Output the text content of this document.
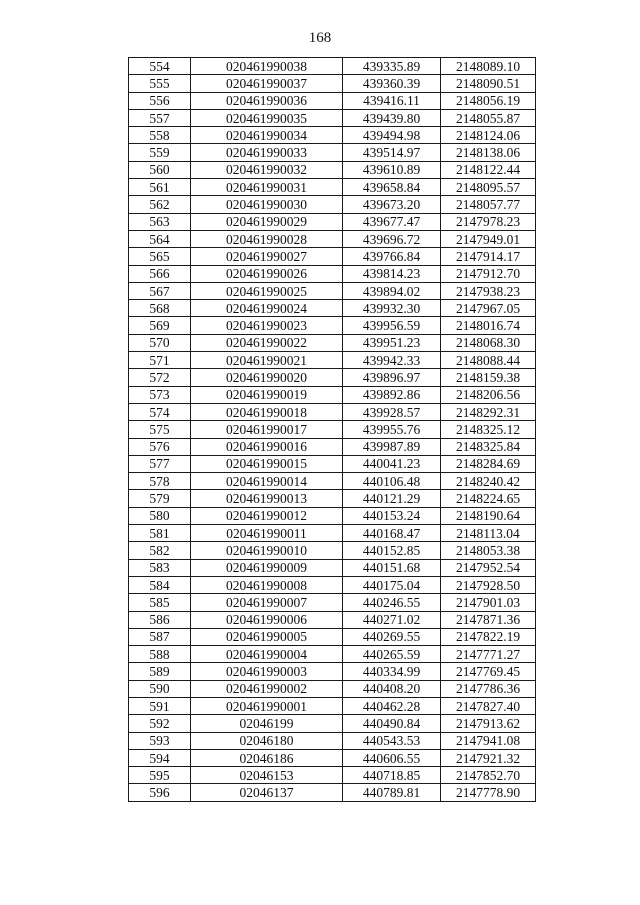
168
554	020461990038	439335.89	2148089.10
555	020461990037	439360.39	2148090.51
556	020461990036	439416.11	2148056.19
557	020461990035	439439.80	2148055.87
558	020461990034	439494.98	2148124.06
559	020461990033	439514.97	2148138.06
560	020461990032	439610.89	2148122.44
561	020461990031	439658.84	2148095.57
562	020461990030	439673.20	2148057.77
563	020461990029	439677.47	2147978.23
564	020461990028	439696.72	2147949.01
565	020461990027	439766.84	2147914.17
566	020461990026	439814.23	2147912.70
567	020461990025	439894.02	2147938.23
568	020461990024	439932.30	2147967.05
569	020461990023	439956.59	2148016.74
570	020461990022	439951.23	2148068.30
571	020461990021	439942.33	2148088.44
572	020461990020	439896.97	2148159.38
573	020461990019	439892.86	2148206.56
574	020461990018	439928.57	2148292.31
575	020461990017	439955.76	2148325.12
576	020461990016	439987.89	2148325.84
577	020461990015	440041.23	2148284.69
578	020461990014	440106.48	2148240.42
579	020461990013	440121.29	2148224.65
580	020461990012	440153.24	2148190.64
581	020461990011	440168.47	2148113.04
582	020461990010	440152.85	2148053.38
583	020461990009	440151.68	2147952.54
584	020461990008	440175.04	2147928.50
585	020461990007	440246.55	2147901.03
586	020461990006	440271.02	2147871.36
587	020461990005	440269.55	2147822.19
588	020461990004	440265.59	2147771.27
589	020461990003	440334.99	2147769.45
590	020461990002	440408.20	2147786.36
591	020461990001	440462.28	2147827.40
592	02046199	440490.84	2147913.62
593	02046180	440543.53	2147941.08
594	02046186	440606.55	2147921.32
595	02046153	440718.85	2147852.70
596	02046137	440789.81	2147778.90
